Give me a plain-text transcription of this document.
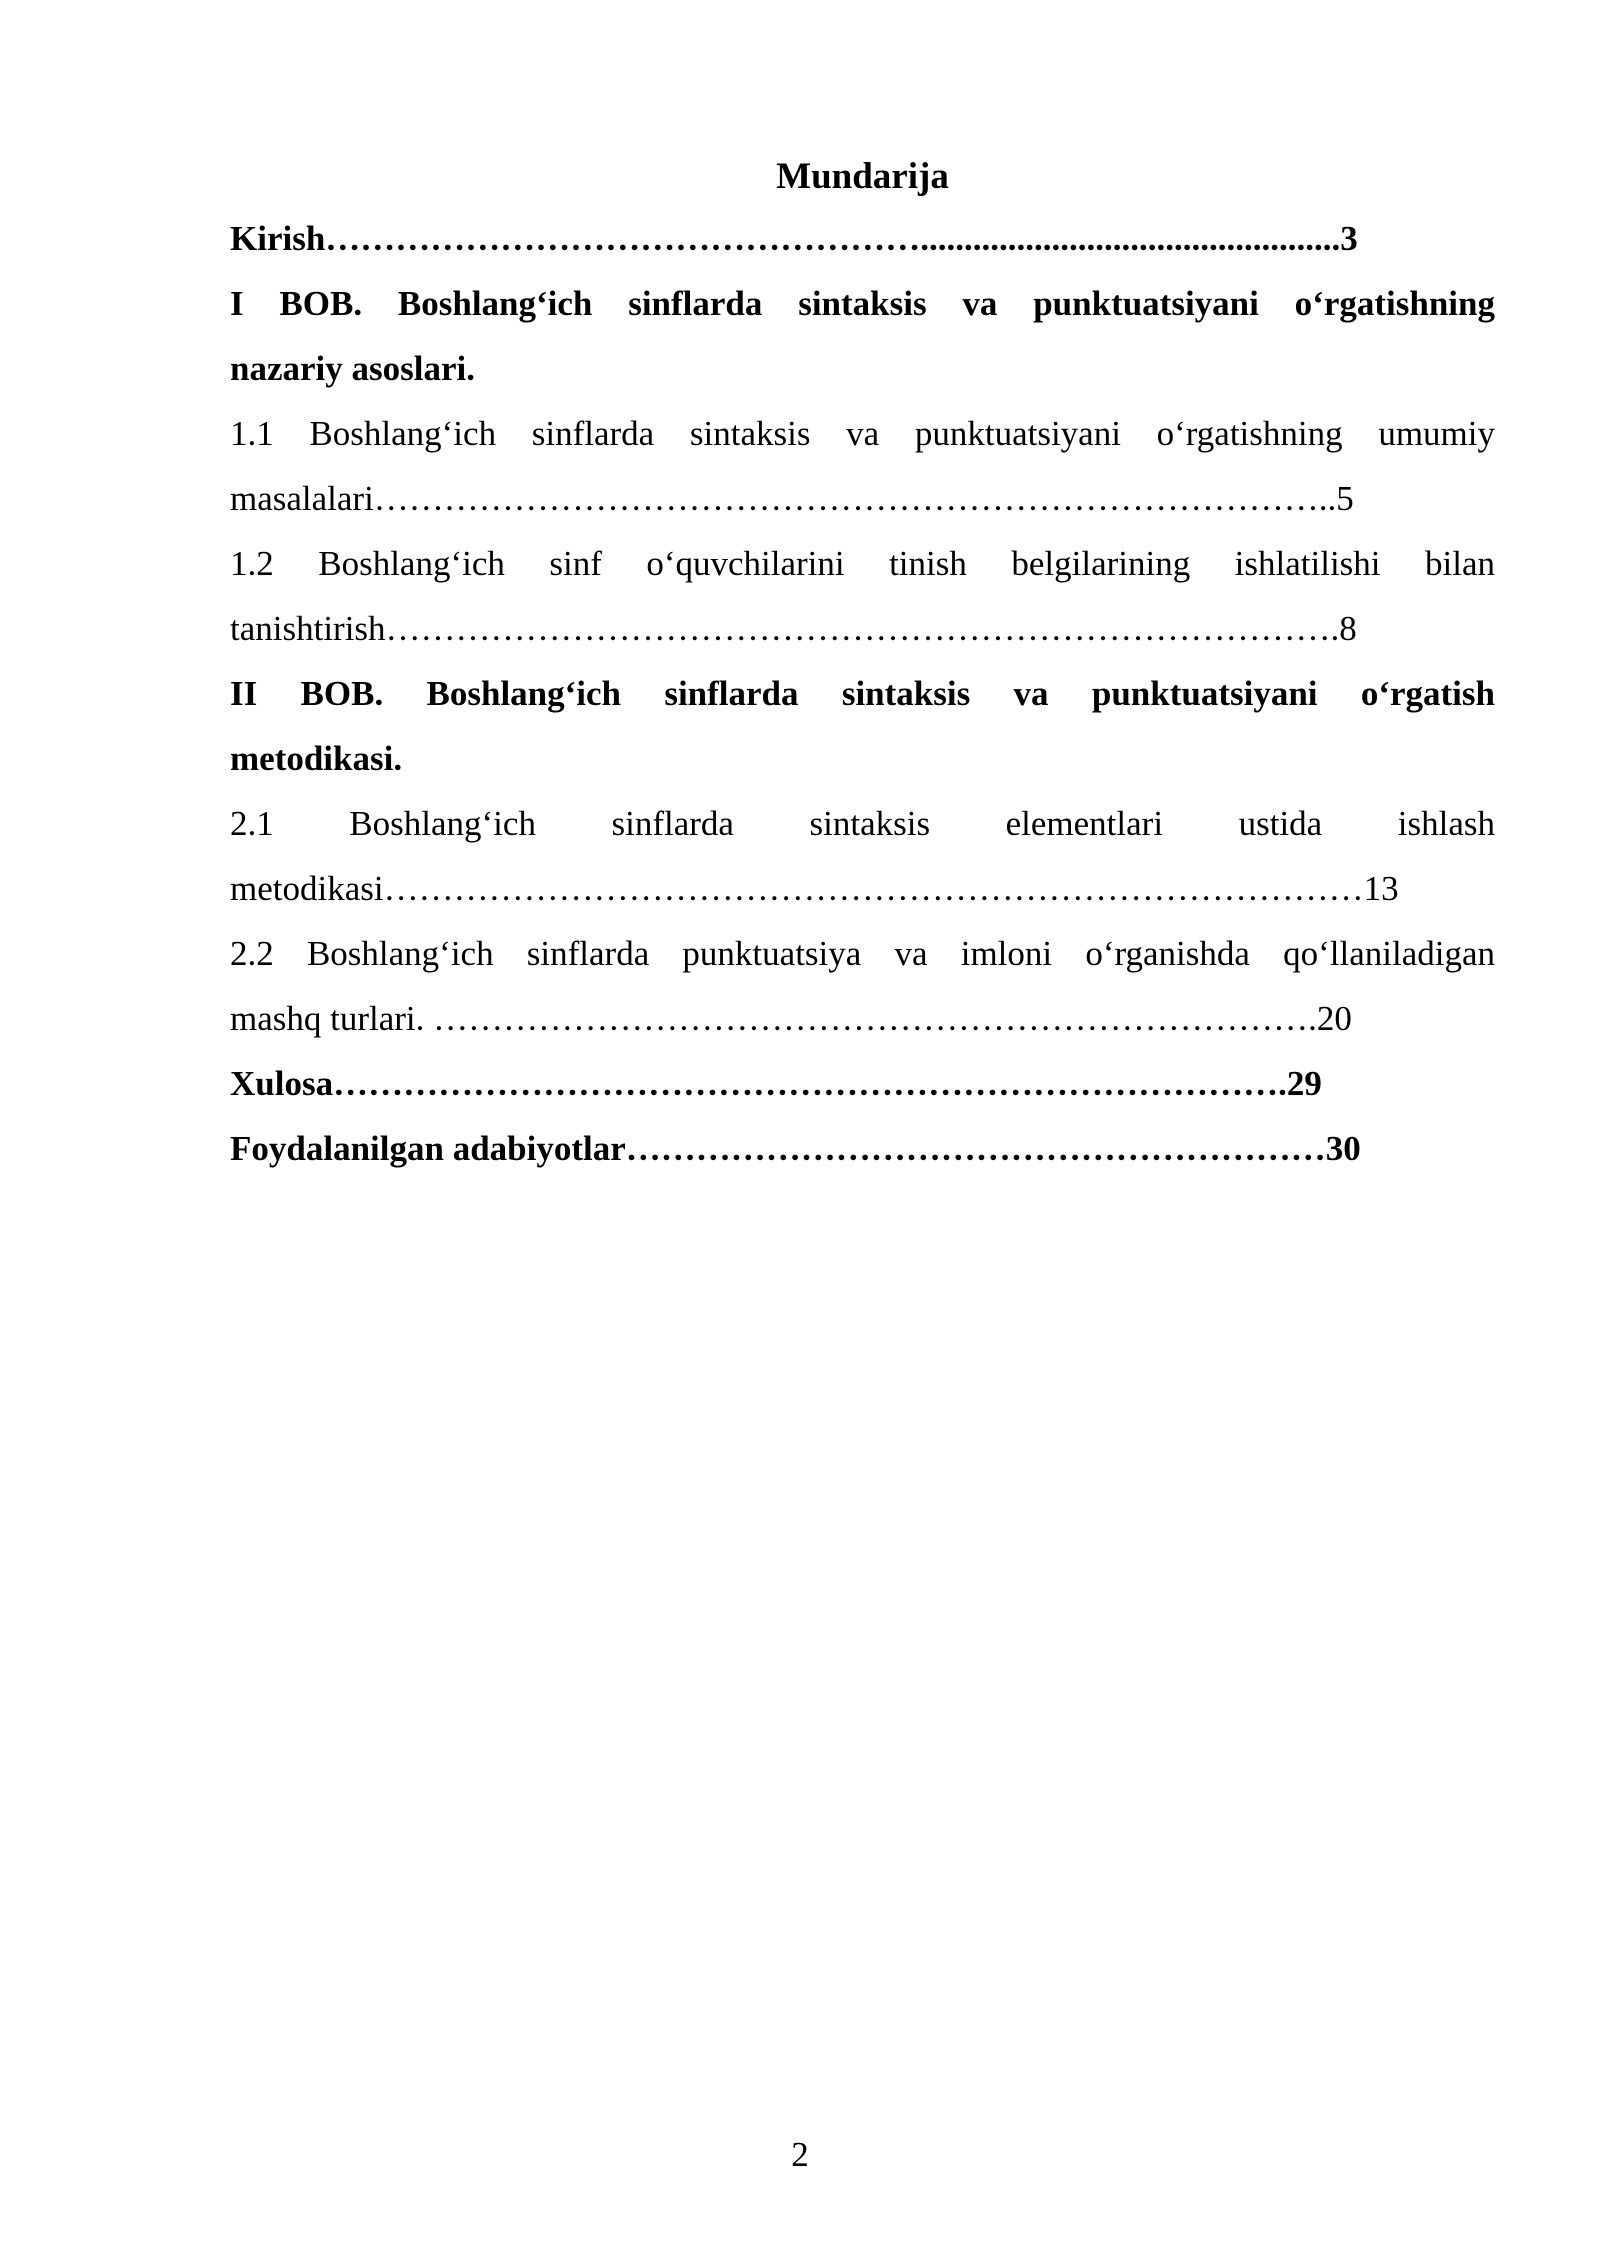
Mundarija
Kirish……………………………………………................................................3
I BOB. Boshlang‘ich sinflarda sintaksis va punktuatsiyani o‘rgatishning
nazariy asoslari.
1.1 Boshlang‘ich sinflarda sintaksis va punktuatsiyani o‘rgatishning umumiy
masalalari………………………………………………………………………..5
1.2 Boshlang‘ich sinf o‘quvchilarini tinish belgilarining ishlatilishi bilan
tanishtirish……………………………………………………………………….8
II BOB. Boshlang‘ich sinflarda sintaksis va punktuatsiyani o‘rgatish
metodikasi.
2.1 Boshlang‘ich sinflarda sintaksis elementlari ustida ishlash
metodikasi…………………………………………………………………………13
2.2 Boshlang‘ich sinflarda punktuatsiya va imloni o‘rganishda qo‘llaniladigan
mashq turlari. ………………………………………………………………….20
Xulosa……………………………………………………………………….29
Foydalanilgan adabiyotlar……………………………………………………30
2
